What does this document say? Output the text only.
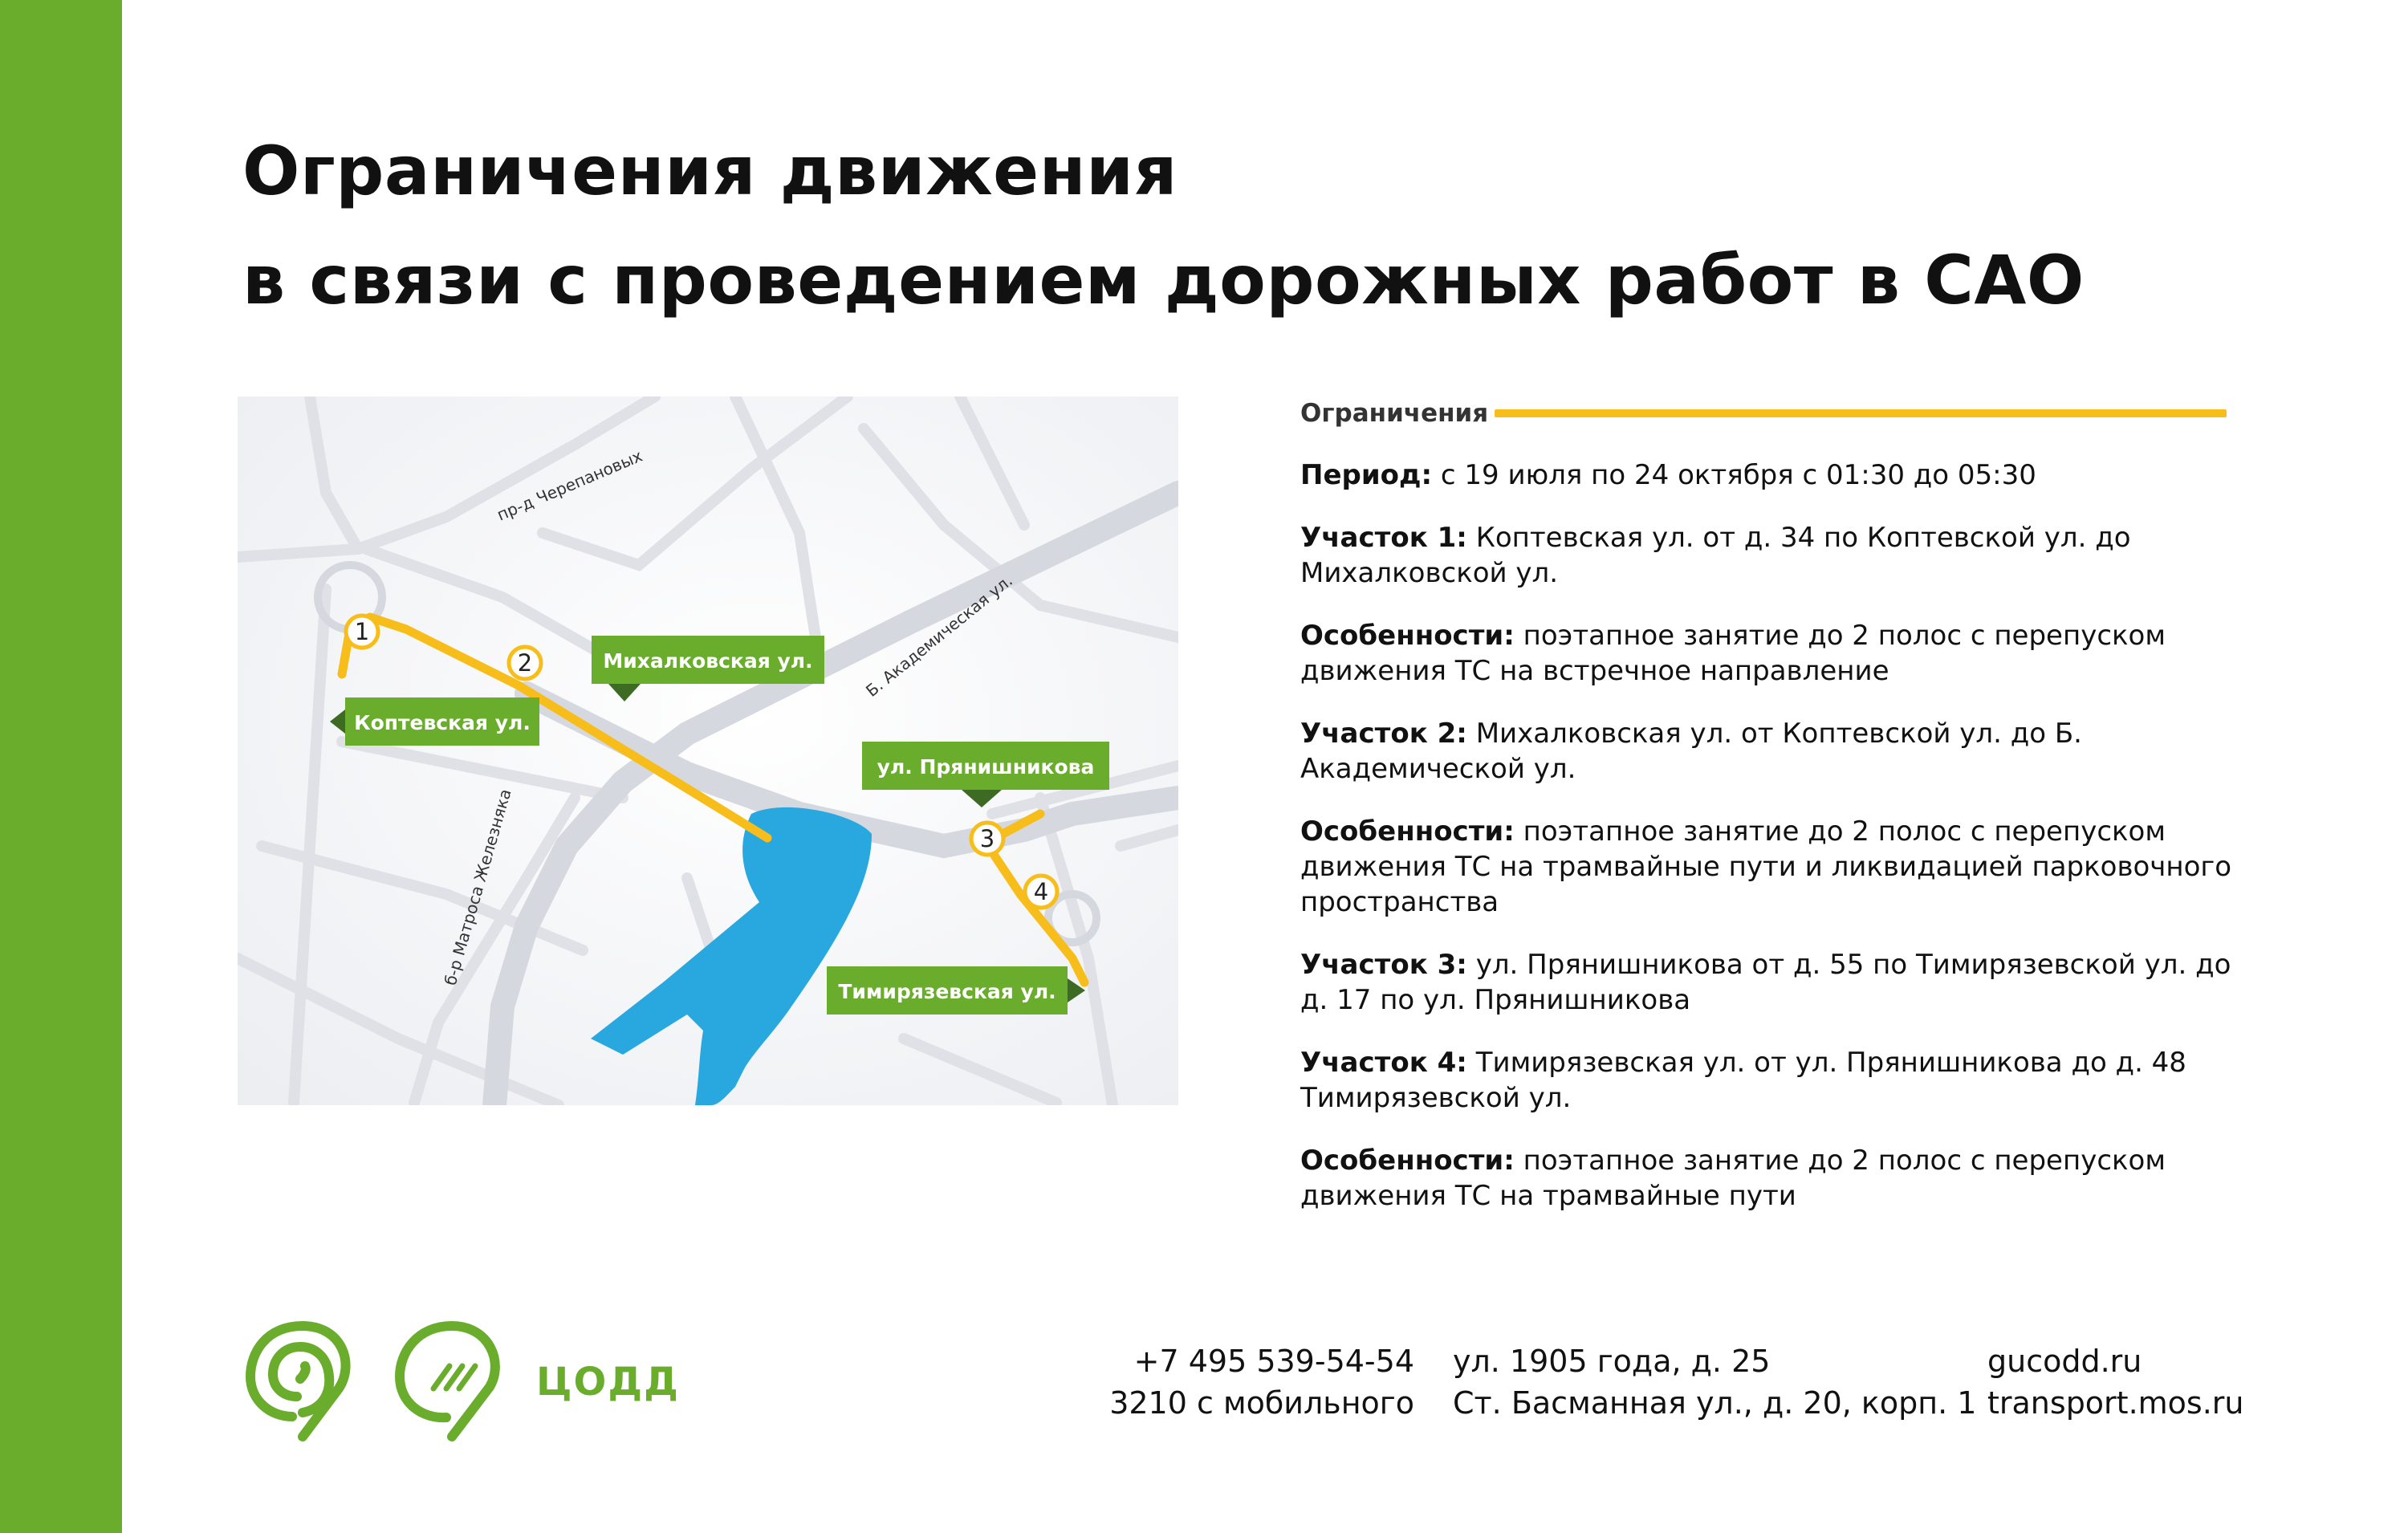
Ограничения движения
в связи с проведением дорожных работ в САО
1
2
3
4
пр-д Черепановых
Б. Академическая ул.
б-р Матроса Железняка
Коптевская ул.
Михалковская ул.
ул. Прянишникова
Тимирязевская ул.
Ограничения

Период: с 19 июля по 24 октября с 01:30 до 05:30

Участок 1: Коптевская ул. от д. 34 по Коптевской ул. до Михалковской ул.

Особенности: поэтапное занятие до 2 полос с перепуском движения ТС на встречное направление

Участок 2: Михалковская ул. от Коптевской ул. до Б. Академической ул.

Особенности: поэтапное занятие до 2 полос с перепуском движения ТС на трамвайные пути и ликвидацией парковочного пространства

Участок 3: ул. Прянишникова от д. 55 по Тимирязевской ул. до д. 17 по ул. Прянишникова

Участок 4: Тимирязевская ул. от ул. Прянишникова до д. 48 Тимирязевской ул.

Особенности: поэтапное занятие до 2 полос с перепуском движения ТС на трамвайные пути

ЦОДД	+7 495 539-54-54
3210 с мобильного
ул. 1905 года, д. 25
Ст. Басманная ул., д. 20, корп. 1
gucodd.ru
transport.mos.ru
